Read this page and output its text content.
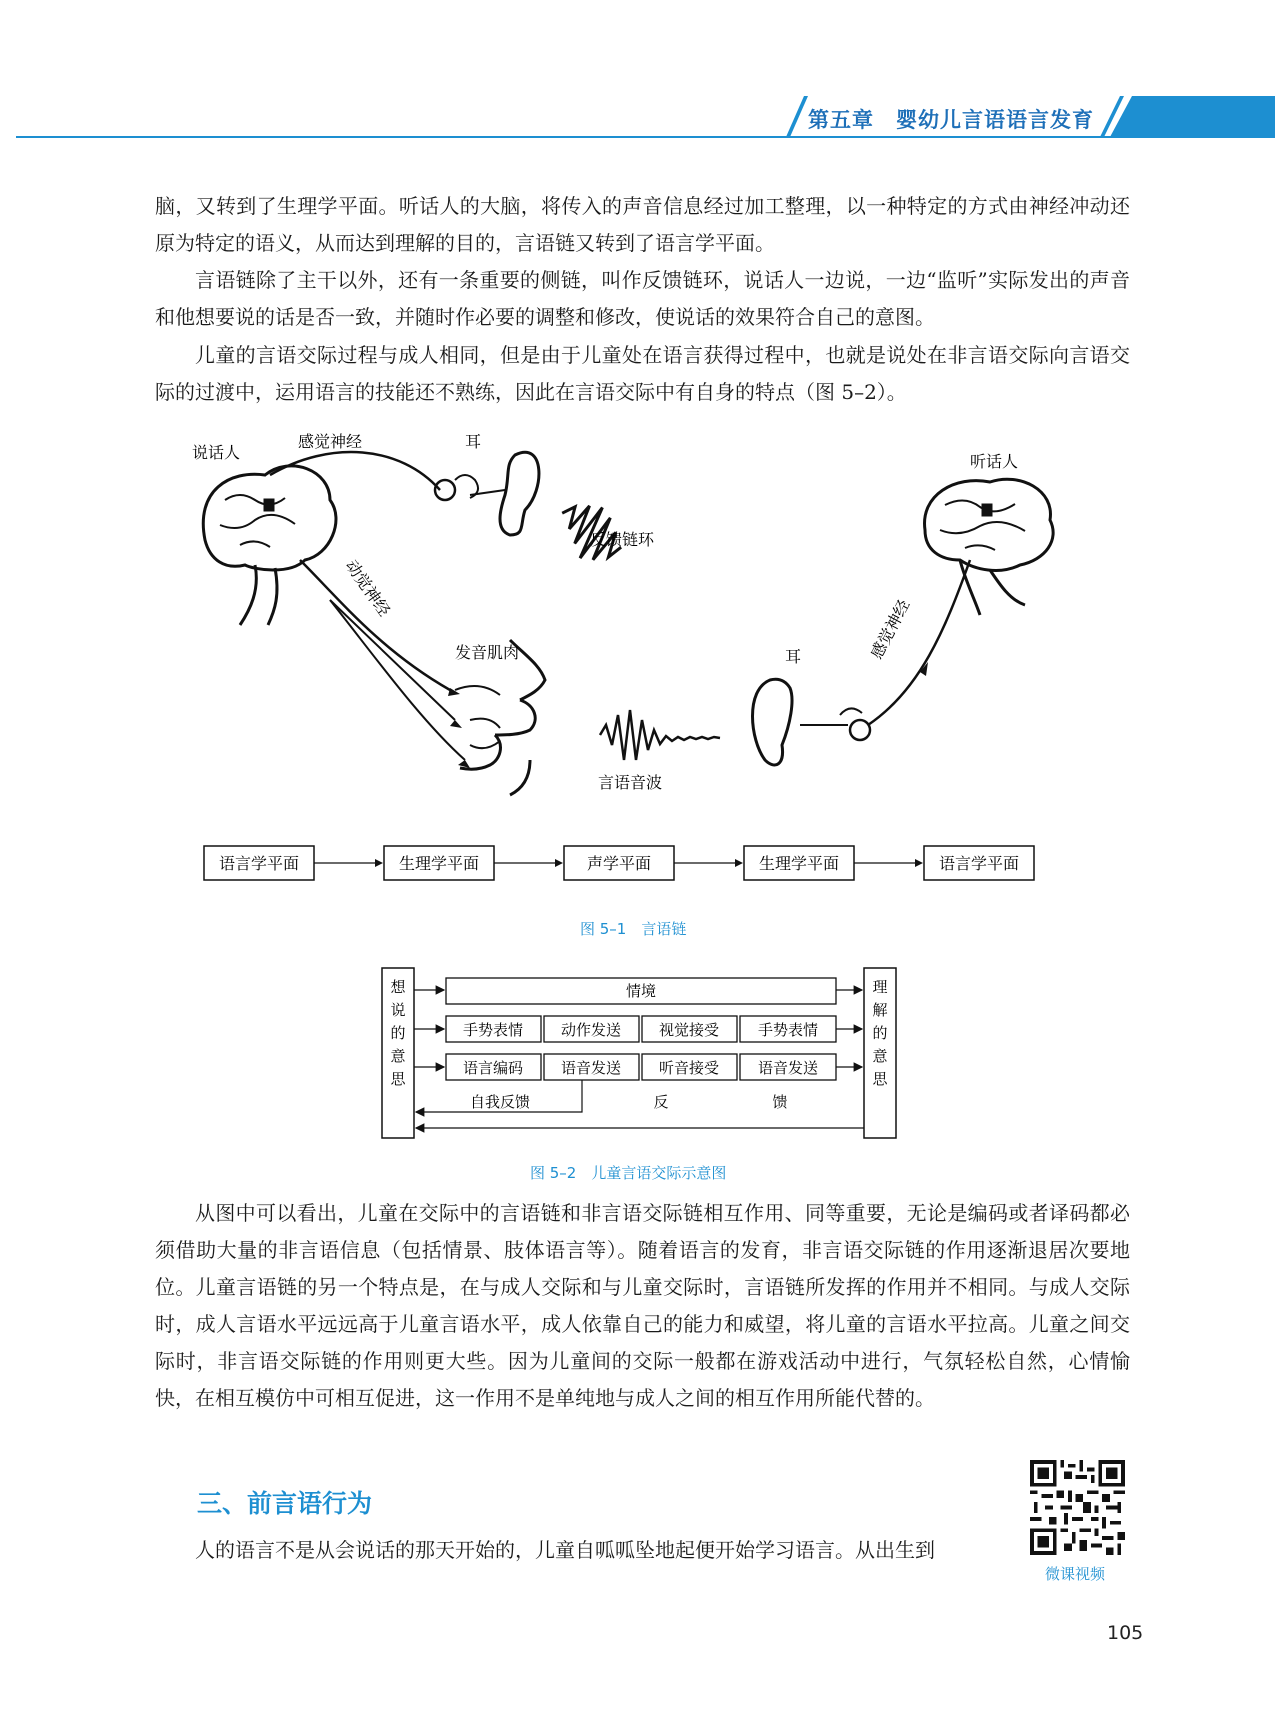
第五章　婴幼儿言语语言发育

脑，又转到了生理学平面。听话人的大脑，将传入的声音信息经过加工整理，以一种特定的方式由神经冲动还原为特定的语义，从而达到理解的目的，言语链又转到了语言学平面。

言语链除了主干以外，还有一条重要的侧链，叫作反馈链环，说话人一边说，一边“监听”实际发出的声音和他想要说的话是否一致，并随时作必要的调整和修改，使说话的效果符合自己的意图。

儿童的言语交际过程与成人相同，但是由于儿童处在语言获得过程中，也就是说处在非言语交际向言语交际的过渡中，运用语言的技能还不熟练，因此在言语交际中有自身的特点（图 5–2）。

说话人
感觉神经	耳
反馈链环
动觉神经
发音肌肉
言语音波
耳	感觉神经
听话人
语言学平面	生理学平面	声学平面	生理学平面	语言学平面
图 5–1　言语链
想
说
的
意
思
理
解
的
意
思
情境
手势表情	动作发送	视觉接受	手势表情
语言编码	语音发送	听音接受	语音发送
自我反馈	反	馈
图 5–2　儿童言语交际示意图

从图中可以看出，儿童在交际中的言语链和非言语交际链相互作用、同等重要，无论是编码或者译码都必须借助大量的非言语信息（包括情景、肢体语言等）。随着语言的发育，非言语交际链的作用逐渐退居次要地位。儿童言语链的另一个特点是，在与成人交际和与儿童交际时，言语链所发挥的作用并不相同。与成人交际时，成人言语水平远远高于儿童言语水平，成人依靠自己的能力和威望，将儿童的言语水平拉高。儿童之间交际时，非言语交际链的作用则更大些。因为儿童间的交际一般都在游戏活动中进行，气氛轻松自然，心情愉快，在相互模仿中可相互促进，这一作用不是单纯地与成人之间的相互作用所能代替的。

三、前言语行为

人的语言不是从会说话的那天开始的，儿童自呱呱坠地起便开始学习语言。从出生到

微课视频
105
